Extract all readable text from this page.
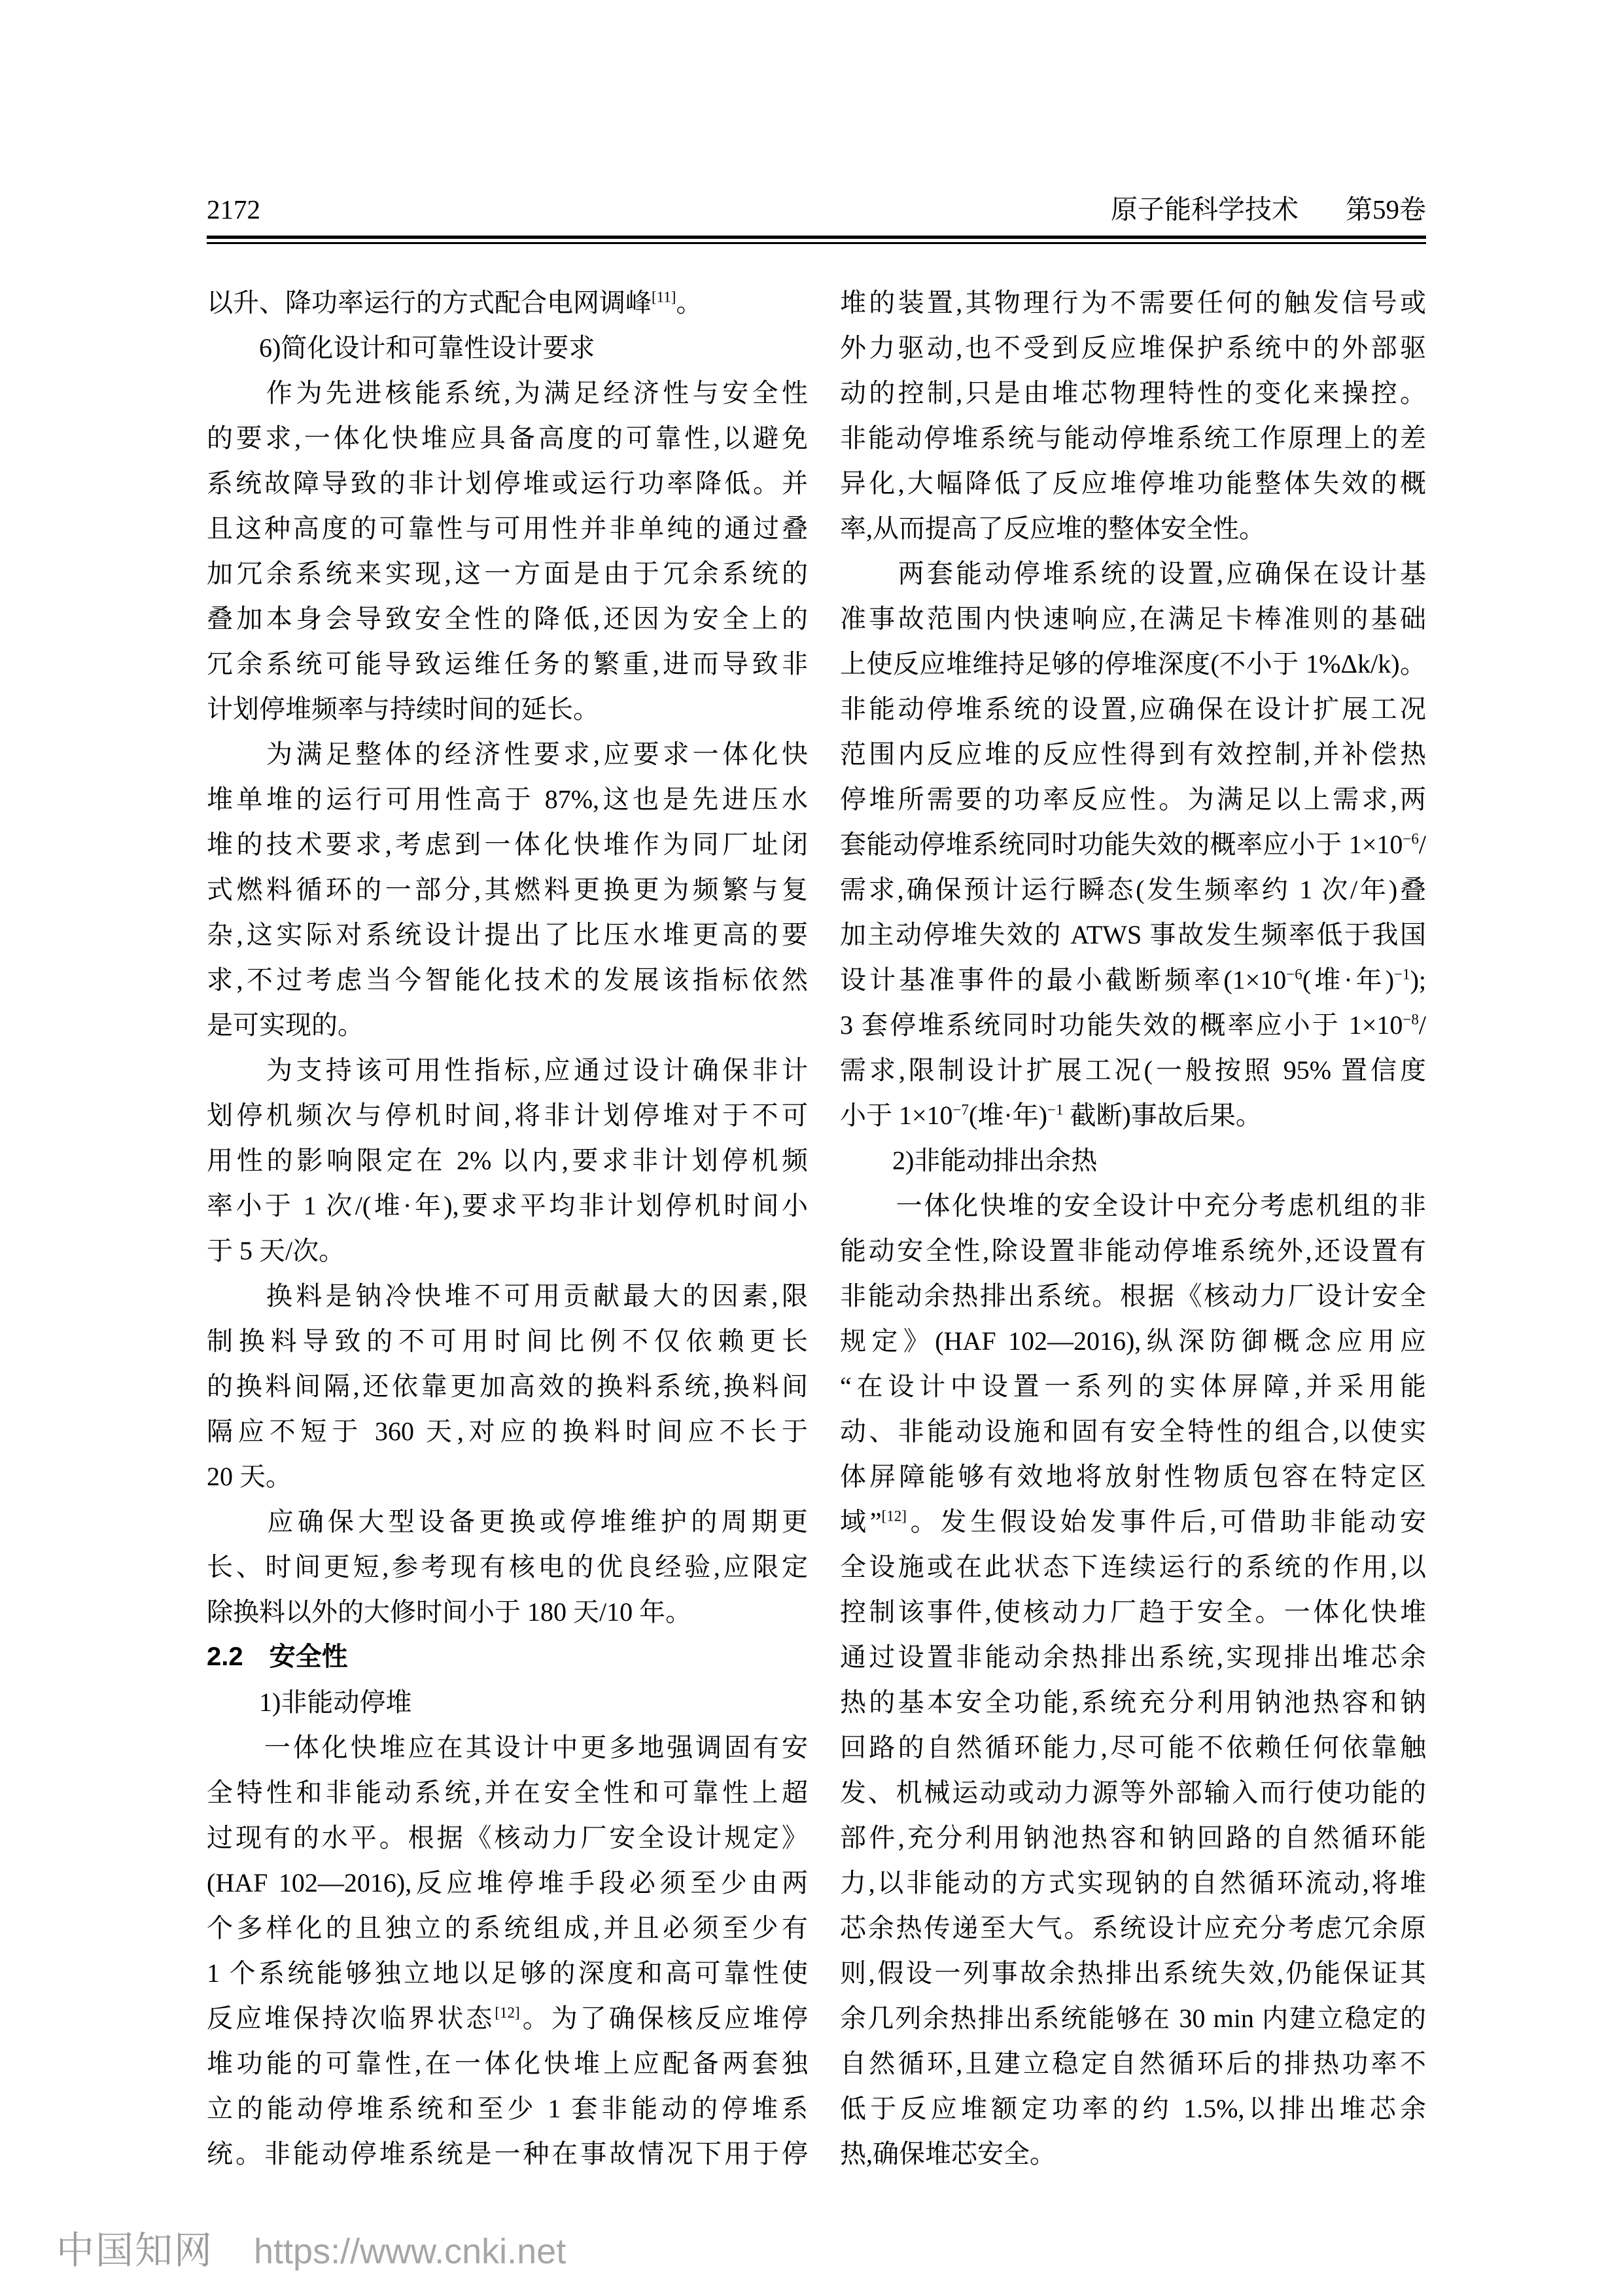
2172	原子能科学技术 第59卷
以升、降功率运行的方式配合电网调峰[11]。
　　6)简化设计和可靠性设计要求
　　作为先进核能系统,为满足经济性与安全性
的要求,一体化快堆应具备高度的可靠性,以避免
系统故障导致的非计划停堆或运行功率降低。并
且这种高度的可靠性与可用性并非单纯的通过叠
加冗余系统来实现,这一方面是由于冗余系统的
叠加本身会导致安全性的降低,还因为安全上的
冗余系统可能导致运维任务的繁重,进而导致非
计划停堆频率与持续时间的延长。
　　为满足整体的经济性要求,应要求一体化快
堆单堆的运行可用性高于 87%,这也是先进压水
堆的技术要求,考虑到一体化快堆作为同厂址闭
式燃料循环的一部分,其燃料更换更为频繁与复
杂,这实际对系统设计提出了比压水堆更高的要
求,不过考虑当今智能化技术的发展该指标依然
是可实现的。
　　为支持该可用性指标,应通过设计确保非计
划停机频次与停机时间,将非计划停堆对于不可
用性的影响限定在 2% 以内,要求非计划停机频
率小于 1 次/(堆·年),要求平均非计划停机时间小
于 5 天/次。
　　换料是钠冷快堆不可用贡献最大的因素,限
制换料导致的不可用时间比例不仅依赖更长
的换料间隔,还依靠更加高效的换料系统,换料间
隔应不短于 360 天,对应的换料时间应不长于
20 天。
　　应确保大型设备更换或停堆维护的周期更
长、时间更短,参考现有核电的优良经验,应限定
除换料以外的大修时间小于 180 天/10 年。
2.2　安全性
　　1)非能动停堆
　　一体化快堆应在其设计中更多地强调固有安
全特性和非能动系统,并在安全性和可靠性上超
过现有的水平。根据《核动力厂安全设计规定》
(HAF 102—2016),反应堆停堆手段必须至少由两
个多样化的且独立的系统组成,并且必须至少有
1 个系统能够独立地以足够的深度和高可靠性使
反应堆保持次临界状态[12]。为了确保核反应堆停
堆功能的可靠性,在一体化快堆上应配备两套独
立的能动停堆系统和至少 1 套非能动的停堆系
统。非能动停堆系统是一种在事故情况下用于停
堆的装置,其物理行为不需要任何的触发信号或
外力驱动,也不受到反应堆保护系统中的外部驱
动的控制,只是由堆芯物理特性的变化来操控。
非能动停堆系统与能动停堆系统工作原理上的差
异化,大幅降低了反应堆停堆功能整体失效的概
率,从而提高了反应堆的整体安全性。
　　两套能动停堆系统的设置,应确保在设计基
准事故范围内快速响应,在满足卡棒准则的基础
上使反应堆维持足够的停堆深度(不小于 1%Δk/k)。
非能动停堆系统的设置,应确保在设计扩展工况
范围内反应堆的反应性得到有效控制,并补偿热
停堆所需要的功率反应性。为满足以上需求,两
套能动停堆系统同时功能失效的概率应小于 $1\times 10^{-6}/$
需求,确保预计运行瞬态(发生频率约 1 次/年)叠
加主动停堆失效的 ATWS 事故发生频率低于我国
设计基准事件的最小截断频率($1\times 10^{-6}$(堆·年)$^{-1}$);
3 套停堆系统同时功能失效的概率应小于 $1\times 10^{-8}/$
需求,限制设计扩展工况(一般按照 95% 置信度
小于 $1\times 10^{-7}$(堆·年)$^{-1}$ 截断)事故后果。
　　2)非能动排出余热
　　一体化快堆的安全设计中充分考虑机组的非
能动安全性,除设置非能动停堆系统外,还设置有
非能动余热排出系统。根据《核动力厂设计安全
规定》(HAF 102—2016),纵深防御概念应用应
“在设计中设置一系列的实体屏障,并采用能
动、非能动设施和固有安全特性的组合,以使实
体屏障能够有效地将放射性物质包容在特定区
域”[12]。发生假设始发事件后,可借助非能动安
全设施或在此状态下连续运行的系统的作用,以
控制该事件,使核动力厂趋于安全。一体化快堆
通过设置非能动余热排出系统,实现排出堆芯余
热的基本安全功能,系统充分利用钠池热容和钠
回路的自然循环能力,尽可能不依赖任何依靠触
发、机械运动或动力源等外部输入而行使功能的
部件,充分利用钠池热容和钠回路的自然循环能
力,以非能动的方式实现钠的自然循环流动,将堆
芯余热传递至大气。系统设计应充分考虑冗余原
则,假设一列事故余热排出系统失效,仍能保证其
余几列余热排出系统能够在 30 min 内建立稳定的
自然循环,且建立稳定自然循环后的排热功率不
低于反应堆额定功率的约 1.5%,以排出堆芯余
热,确保堆芯安全。
中国知网 https://www.cnki.net
